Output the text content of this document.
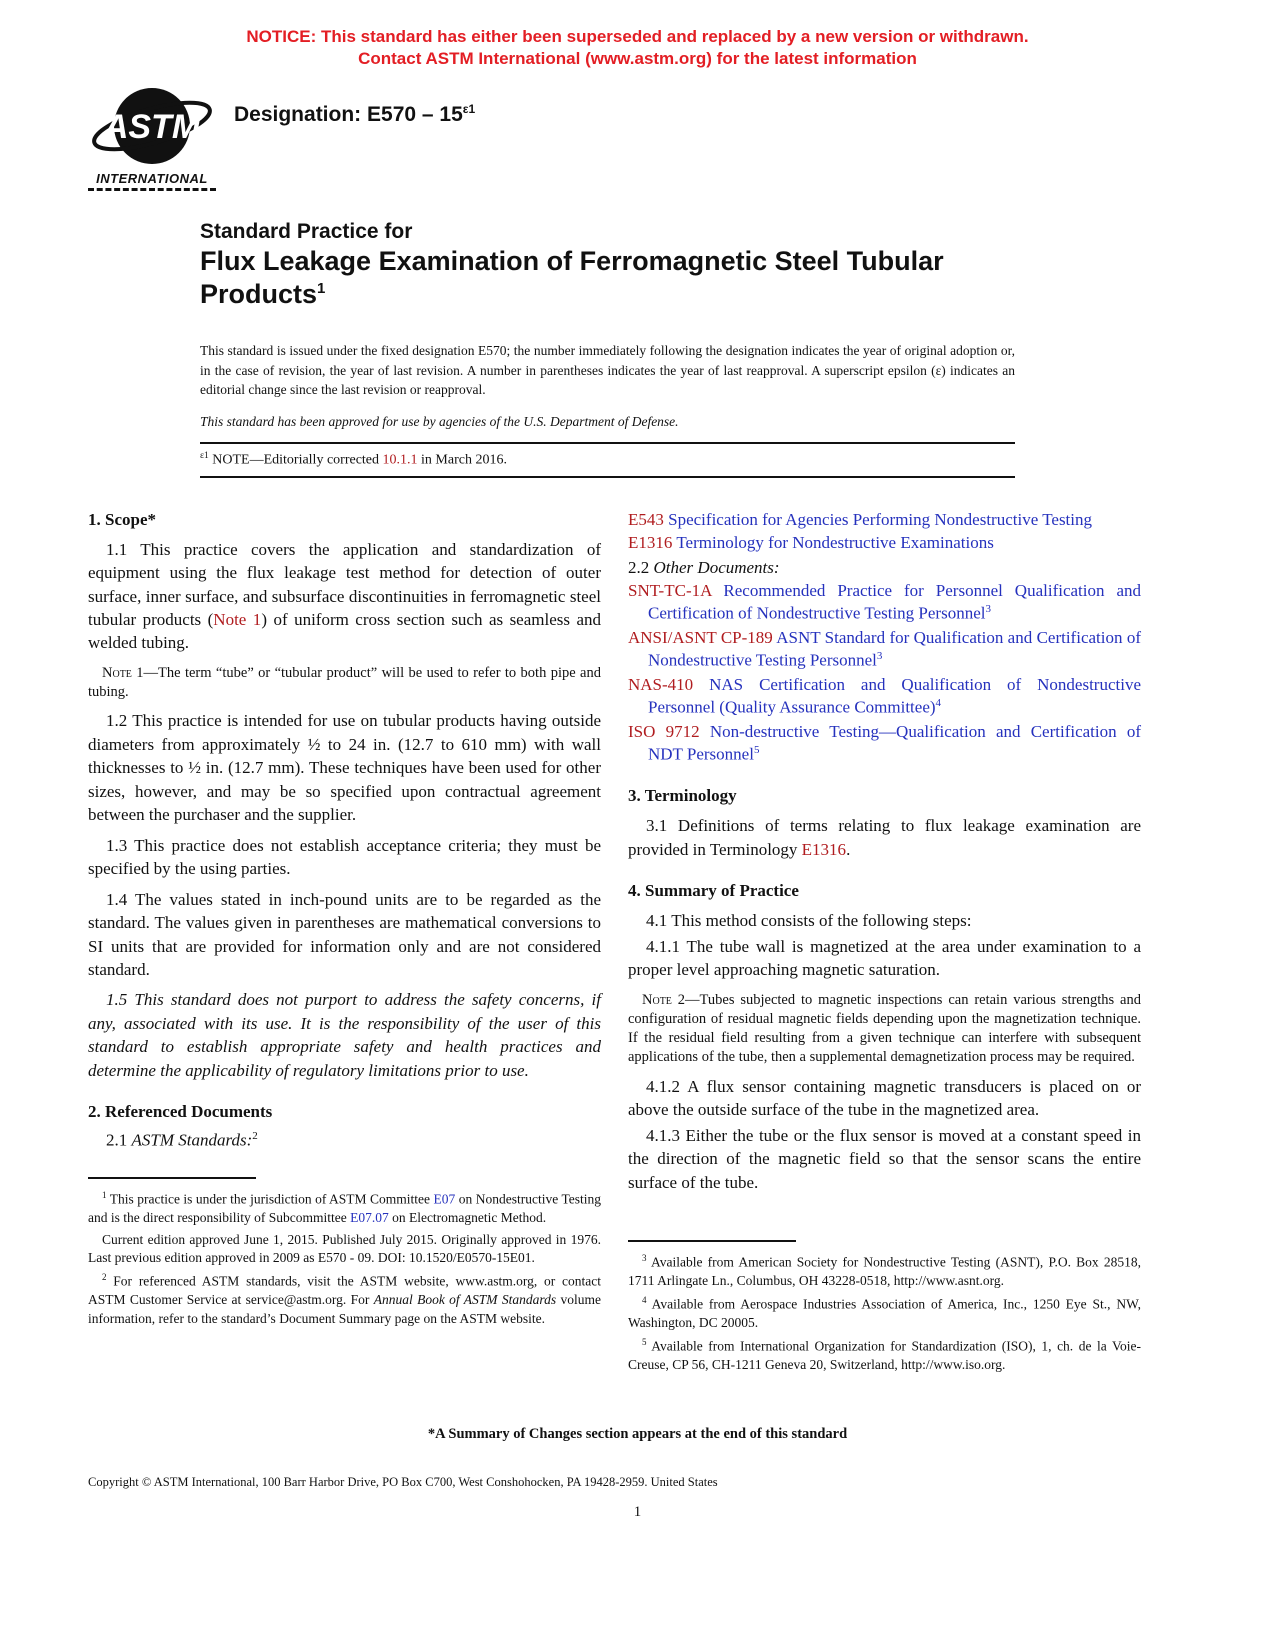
NOTICE: This standard has either been superseded and replaced by a new version or withdrawn.
Contact ASTM International (www.astm.org) for the latest information
ASTM
INTERNATIONAL
Designation: $E570 - 15^{\varepsilon 1}$
Standard Practice for
Flux Leakage Examination of Ferromagnetic Steel Tubular Products$^1$

This standard is issued under the fixed designation E570; the number immediately following the designation indicates the year of original adoption or, in the case of revision, the year of last revision. A number in parentheses indicates the year of last reapproval. A superscript epsilon (ε) indicates an editorial change since the last revision or reapproval.

This standard has been approved for use by agencies of the U.S. Department of Defense.

$^{\varepsilon 1}$ NOTE—Editorially corrected 10.1.1 in March 2016.

1. Scope*

1.1 This practice covers the application and standardization of equipment using the flux leakage test method for detection of outer surface, inner surface, and subsurface discontinuities in ferromagnetic steel tubular products (Note 1) of uniform cross section such as seamless and welded tubing.

Note 1—The term “tube” or “tubular product” will be used to refer to both pipe and tubing.

1.2 This practice is intended for use on tubular products having outside diameters from approximately ½ to 24 in. (12.7 to 610 mm) with wall thicknesses to ½ in. (12.7 mm). These techniques have been used for other sizes, however, and may be so specified upon contractual agreement between the purchaser and the supplier.

1.3 This practice does not establish acceptance criteria; they must be specified by the using parties.

1.4 The values stated in inch-pound units are to be regarded as the standard. The values given in parentheses are mathematical conversions to SI units that are provided for information only and are not considered standard.

1.5 This standard does not purport to address the safety concerns, if any, associated with its use. It is the responsibility of the user of this standard to establish appropriate safety and health practices and determine the applicability of regulatory limitations prior to use.

2. Referenced Documents

2.1 ASTM Standards:$^2$

$^1$ This practice is under the jurisdiction of ASTM Committee E07 on Nondestructive Testing and is the direct responsibility of Subcommittee E07.07 on Electromagnetic Method.

Current edition approved June 1, 2015. Published July 2015. Originally approved in 1976. Last previous edition approved in 2009 as E570 - 09. DOI: 10.1520/E0570-15E01.

$^2$ For referenced ASTM standards, visit the ASTM website, www.astm.org, or contact ASTM Customer Service at service@astm.org. For Annual Book of ASTM Standards volume information, refer to the standard’s Document Summary page on the ASTM website.

E543 Specification for Agencies Performing Nondestructive Testing

E1316 Terminology for Nondestructive Examinations

2.2 Other Documents:

SNT-TC-1A Recommended Practice for Personnel Qualification and Certification of Nondestructive Testing Personnel$^3$

ANSI/ASNT CP-189 ASNT Standard for Qualification and Certification of Nondestructive Testing Personnel$^3$

NAS-410 NAS Certification and Qualification of Nondestructive Personnel (Quality Assurance Committee)$^4$

ISO 9712 Non-destructive Testing—Qualification and Certification of NDT Personnel$^5$

3. Terminology

3.1 Definitions of terms relating to flux leakage examination are provided in Terminology E1316.

4. Summary of Practice

4.1 This method consists of the following steps:

4.1.1 The tube wall is magnetized at the area under examination to a proper level approaching magnetic saturation.

Note 2—Tubes subjected to magnetic inspections can retain various strengths and configuration of residual magnetic fields depending upon the magnetization technique. If the residual field resulting from a given technique can interfere with subsequent applications of the tube, then a supplemental demagnetization process may be required.

4.1.2 A flux sensor containing magnetic transducers is placed on or above the outside surface of the tube in the magnetized area.

4.1.3 Either the tube or the flux sensor is moved at a constant speed in the direction of the magnetic field so that the sensor scans the entire surface of the tube.

$^3$ Available from American Society for Nondestructive Testing (ASNT), P.O. Box 28518, 1711 Arlingate Ln., Columbus, OH 43228-0518, http://www.asnt.org.

$^4$ Available from Aerospace Industries Association of America, Inc., 1250 Eye St., NW, Washington, DC 20005.

$^5$ Available from International Organization for Standardization (ISO), 1, ch. de la Voie-Creuse, CP 56, CH-1211 Geneva 20, Switzerland, http://www.iso.org.

*A Summary of Changes section appears at the end of this standard
Copyright © ASTM International, 100 Barr Harbor Drive, PO Box C700, West Conshohocken, PA 19428-2959. United States
1
